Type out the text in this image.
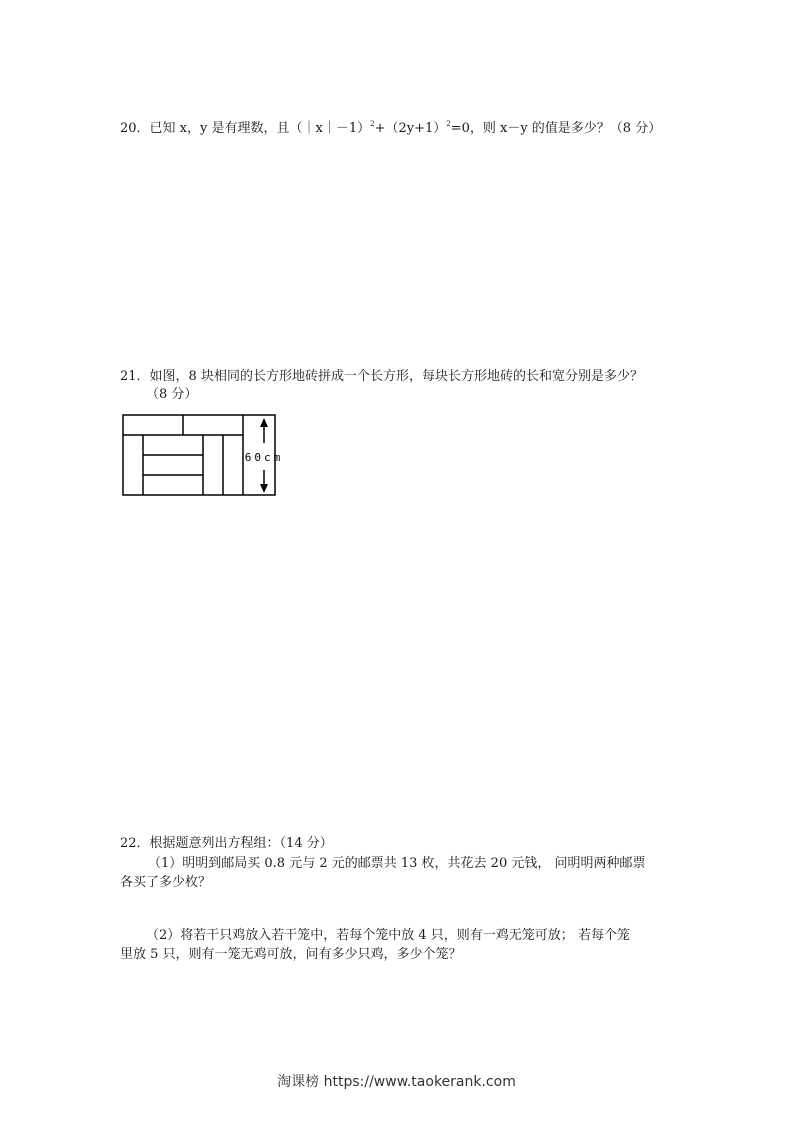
20．已知 x，y 是有理数，且$(|x|-1)^2+(2y+1)^2=0$，则 x－y 的值是多少？（8 分）
21．如图，8 块相同的长方形地砖拼成一个长方形，每块长方形地砖的长和宽分别是多少？
（8 分）
60cm
22．根据题意列出方程组：（14 分）
（1）明明到邮局买 0.8 元与 2 元的邮票共 13 枚，共花去 20 元钱， 问明明两种邮票
各买了多少枚？
（2）将若干只鸡放入若干笼中，若每个笼中放 4 只，则有一鸡无笼可放； 若每个笼
里放 5 只，则有一笼无鸡可放，问有多少只鸡，多少个笼？
淘课榜 https://www.taokerank.com
